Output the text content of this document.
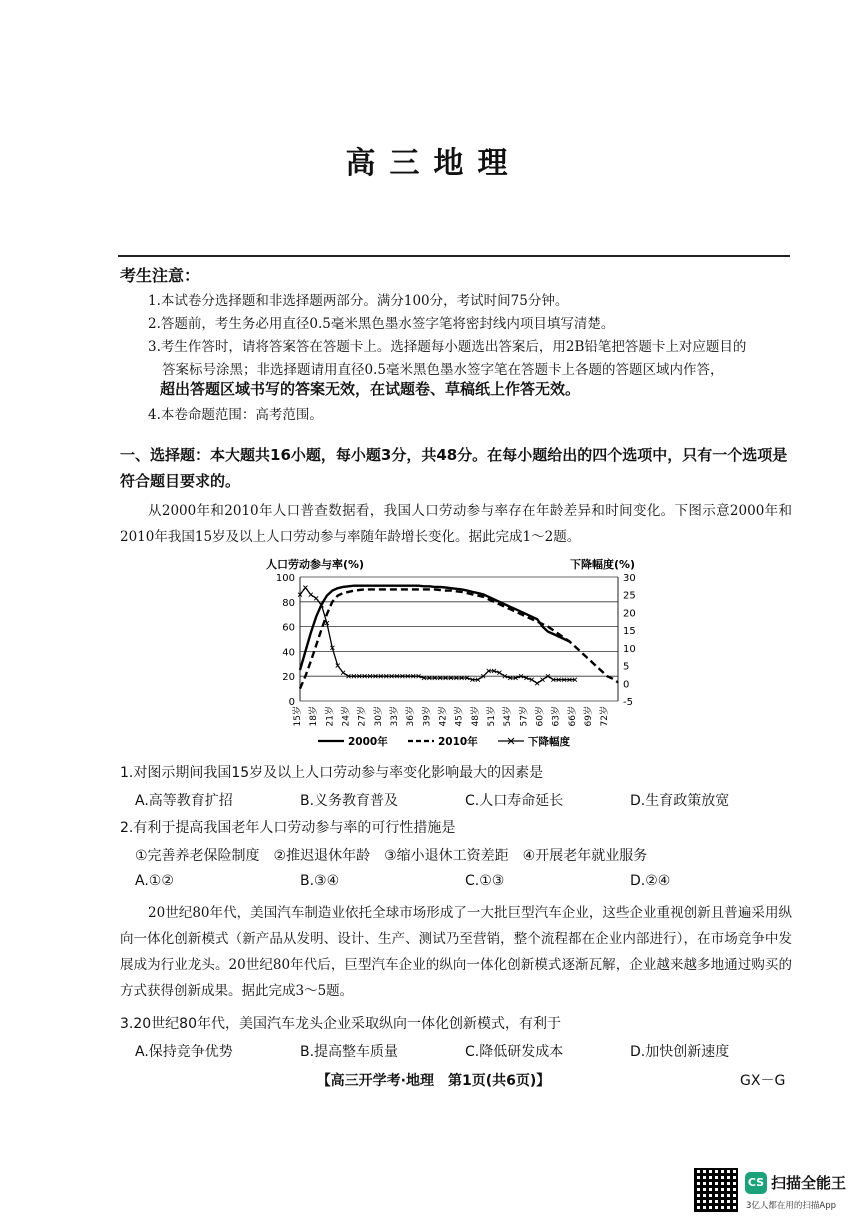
高三地理
考生注意：
1.本试卷分选择题和非选择题两部分。满分100分，考试时间75分钟。
2.答题前，考生务必用直径0.5毫米黑色墨水签字笔将密封线内项目填写清楚。
3.考生作答时，请将答案答在答题卡上。选择题每小题选出答案后，用2B铅笔把答题卡上对应题目的
答案标号涂黑；非选择题请用直径0.5毫米黑色墨水签字笔在答题卡上各题的答题区域内作答，
超出答题区域书写的答案无效，在试题卷、草稿纸上作答无效。
4.本卷命题范围：高考范围。
一、选择题：本大题共16小题，每小题3分，共48分。在每小题给出的四个选项中，只有一个选项是符合题目要求的。
从2000年和2010年人口普查数据看，我国人口劳动参与率存在年龄差异和时间变化。下图示意2000年和2010年我国15岁及以上人口劳动参与率随年龄增长变化。据此完成1～2题。
人口劳动参与率(%)	下降幅度(%)
0
20
40
60
80
100
-5
0
5
10
15
20
25
30
15岁 18岁 21岁 24岁 27岁 30岁 33岁 36岁 39岁 42岁 45岁 48岁 51岁 54岁 57岁 60岁 63岁 66岁 69岁 72岁
2000年	2010年	下降幅度
1.对图示期间我国15岁及以上人口劳动参与率变化影响最大的因素是
A.高等教育扩招	B.义务教育普及	C.人口寿命延长	D.生育政策放宽
2.有利于提高我国老年人口劳动参与率的可行性措施是
①完善养老保险制度　②推迟退休年龄　③缩小退休工资差距　④开展老年就业服务
A.①②	B.③④	C.①③	D.②④
20世纪80年代，美国汽车制造业依托全球市场形成了一大批巨型汽车企业，这些企业重视创新且普遍采用纵向一体化创新模式（新产品从发明、设计、生产、测试乃至营销，整个流程都在企业内部进行），在市场竞争中发展成为行业龙头。20世纪80年代后，巨型汽车企业的纵向一体化创新模式逐渐瓦解，企业越来越多地通过购买的方式获得创新成果。据此完成3～5题。
3.20世纪80年代，美国汽车龙头企业采取纵向一体化创新模式，有利于
A.保持竞争优势	B.提高整车质量	C.降低研发成本	D.加快创新速度
【高三开学考·地理　第1页(共6页)】	GX－G
CS 扫描全能王
3亿人都在用的扫描App
